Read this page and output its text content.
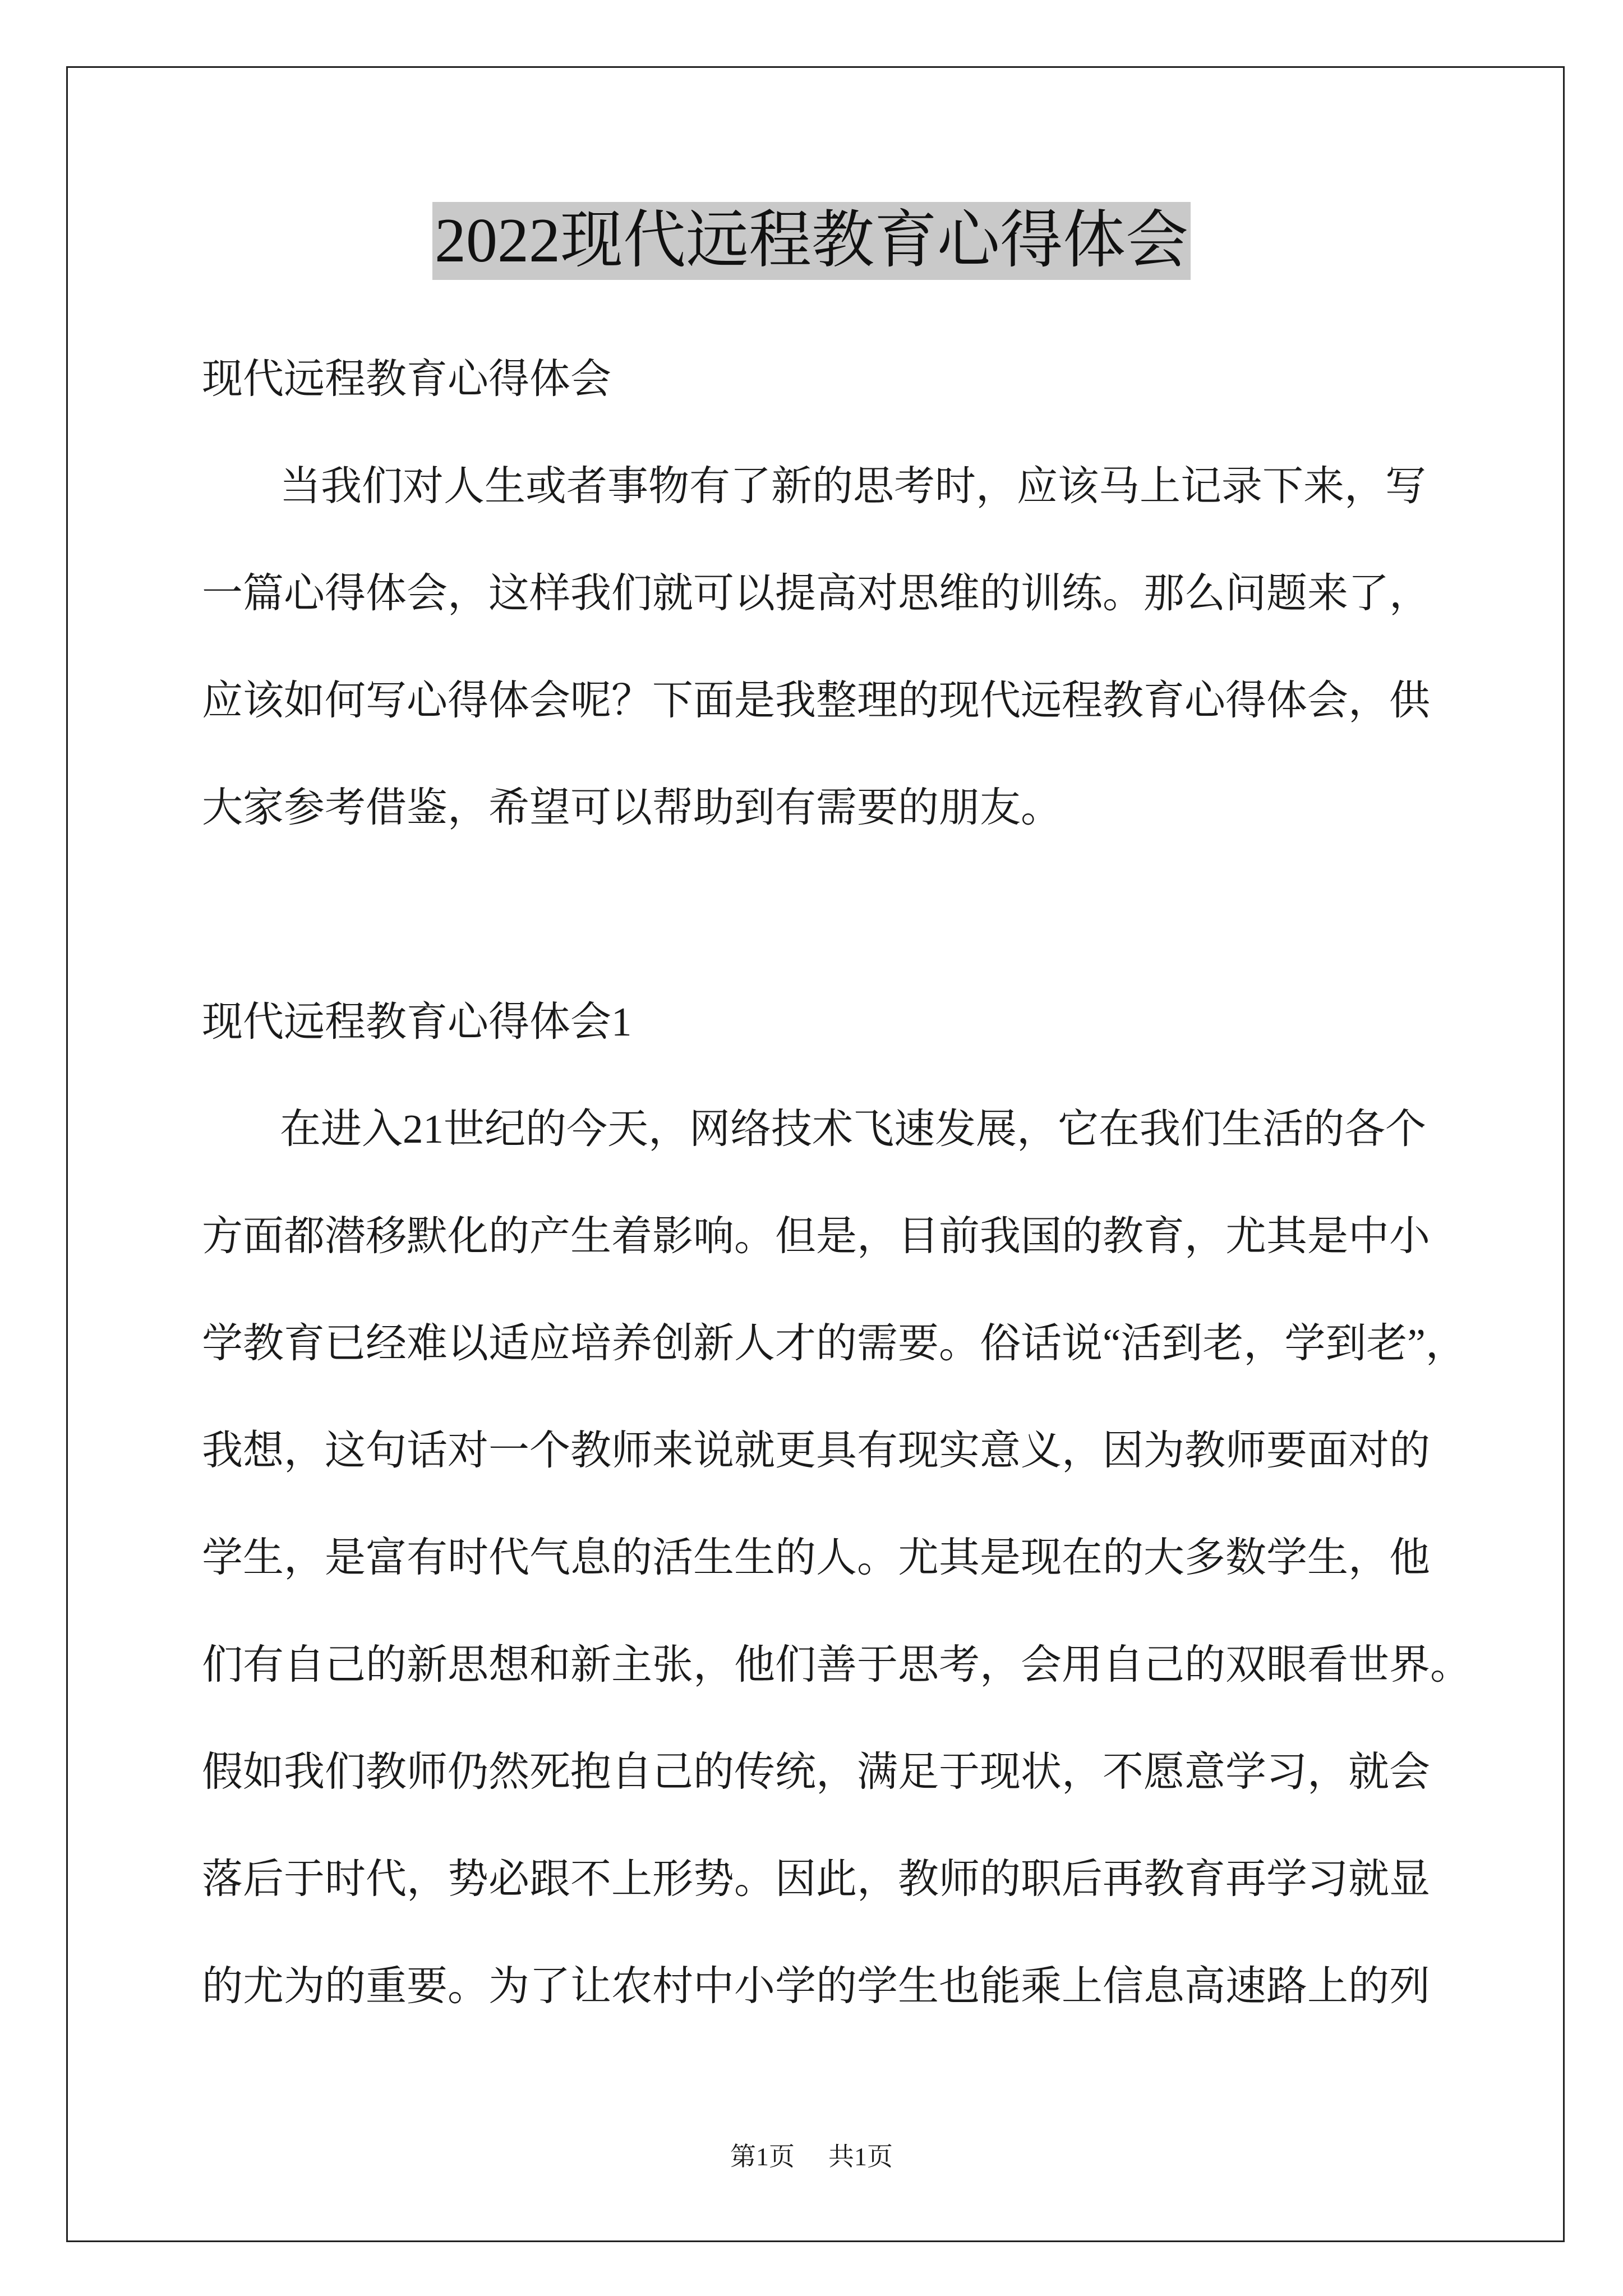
2022现代远程教育心得体会
现代远程教育心得体会
当我们对人生或者事物有了新的思考时，应该马上记录下来，写
一篇心得体会，这样我们就可以提高对思维的训练。那么问题来了，
应该如何写心得体会呢？下面是我整理的现代远程教育心得体会，供
大家参考借鉴，希望可以帮助到有需要的朋友。
现代远程教育心得体会1
在进入21世纪的今天，网络技术飞速发展，它在我们生活的各个
方面都潜移默化的产生着影响。但是，目前我国的教育，尤其是中小
学教育已经难以适应培养创新人才的需要。俗话说“活到老，学到老”，
我想，这句话对一个教师来说就更具有现实意义，因为教师要面对的
学生，是富有时代气息的活生生的人。尤其是现在的大多数学生，他
们有自己的新思想和新主张，他们善于思考，会用自己的双眼看世界。
假如我们教师仍然死抱自己的传统，满足于现状，不愿意学习，就会
落后于时代，势必跟不上形势。因此，教师的职后再教育再学习就显
的尤为的重要。为了让农村中小学的学生也能乘上信息高速路上的列
第1页 共1页
